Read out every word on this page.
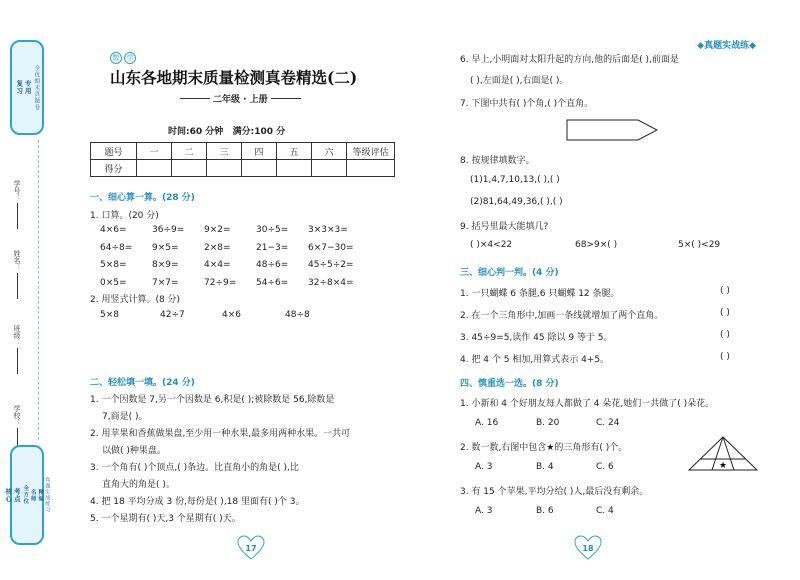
复习 专用 全优期末真题卷
学号：
姓名：
班级：
学校：
核心 考点 全方位 名师 精编 真题实战练习
数	学
山东各地期末质量检测真卷精选(二)
二年级 · 上册
时间:60 分钟 满分:100 分
题号	一	二	三	四	五	六	等级评估
得分							
一、细心算一算。(28 分)
1. 口算。(20 分)
4×6=	36÷9=	9×2=	30÷5=	3×3×3=
64÷8=	9×5=	2×8=	21−3=	6×7−30=
5×8=	8×9=	4×4=	48÷6=	45÷5÷2=
0×5=	7×7=	72÷9=	54÷6=	32÷8×4=
2. 用竖式计算。(8 分)
5×8	42÷7	4×6	48÷8
二、轻松填一填。(24 分)
1. 一个因数是 7,另一个因数是 6,积是( );被除数是 56,除数是
7,商是( )。
2. 用苹果和香蕉做果盘,至少用一种水果,最多用两种水果。一共可
以做( )种果盘。
3. 一个角有( )个顶点,( )条边。比直角小的角是( ),比
直角大的角是( )。
4. 把 18 平均分成 3 份,每份是( ),18 里面有( )个 3。
5. 一个星期有( )天,3 个星期有( )天。
17
◆真题实战练◆
6. 早上,小明面对太阳升起的方向,他的后面是( ),前面是
( ),左面是( ),右面是( )。
7. 下图中共有( )个角,( )个直角。
8. 按规律填数字。
(1)1,4,7,10,13,( ),( )
(2)81,64,49,36,( ),( )
9. 括号里最大能填几?
( )×4<22	68>9×( )	5×( )<29
三、细心判一判。(4 分)
1. 一只蝴蝶 6 条腿,6 只蝴蝶 12 条腿。	( )
2. 在一个三角形中,加画一条线就增加了两个直角。	( )
3. 45÷9=5,读作 45 除以 9 等于 5。	( )
4. 把 4 个 5 相加,用算式表示 4+5。	( )
四、慎重选一选。(8 分)
1. 小新和 4 个好朋友每人都做了 4 朵花,她们一共做了( )朵花。
A. 16	B. 20	C. 24
2. 数一数,右图中包含★的三角形有( )个。
A. 3	B. 4	C. 6	★
3. 有 15 个苹果,平均分给( )人,最后没有剩余。
A. 3	B. 6	C. 4
18
